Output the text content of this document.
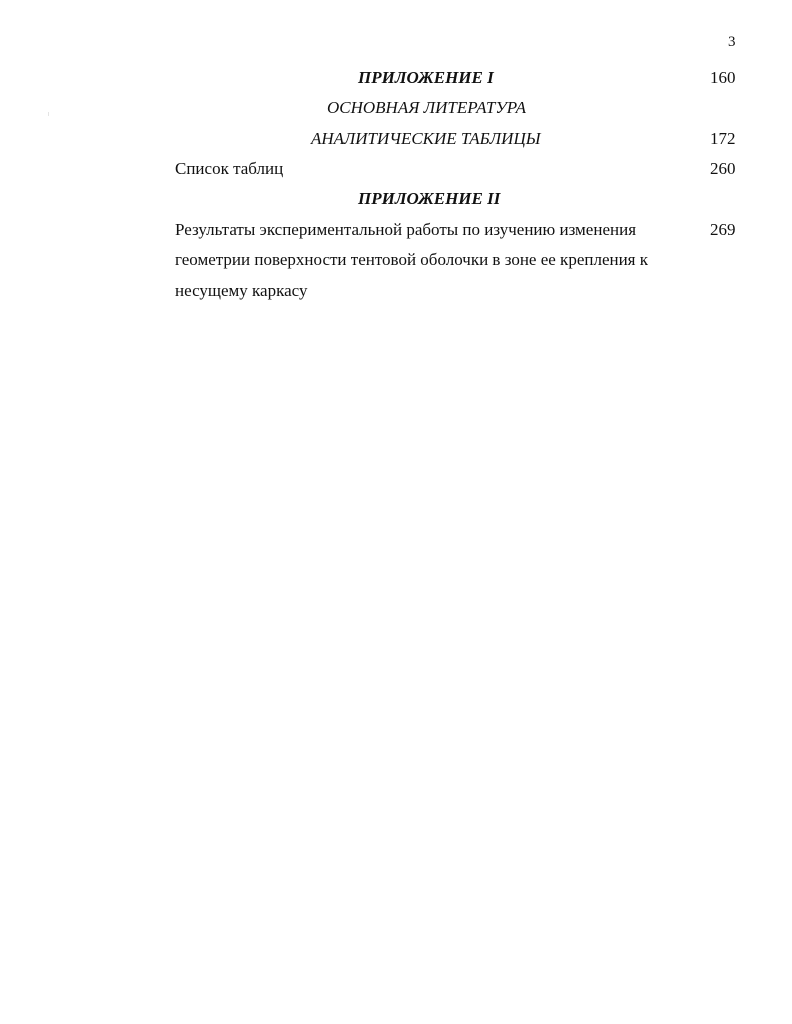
3
ПРИЛОЖЕНИЕ I	160
ОСНОВНАЯ ЛИТЕРАТУРА
АНАЛИТИЧЕСКИЕ ТАБЛИЦЫ	172
Список таблиц	260
ПРИЛОЖЕНИЕ II
Результаты экспериментальной работы по изучению изменения	269
геометрии поверхности тентовой оболочки в зоне ее крепления к
несущему каркасу
